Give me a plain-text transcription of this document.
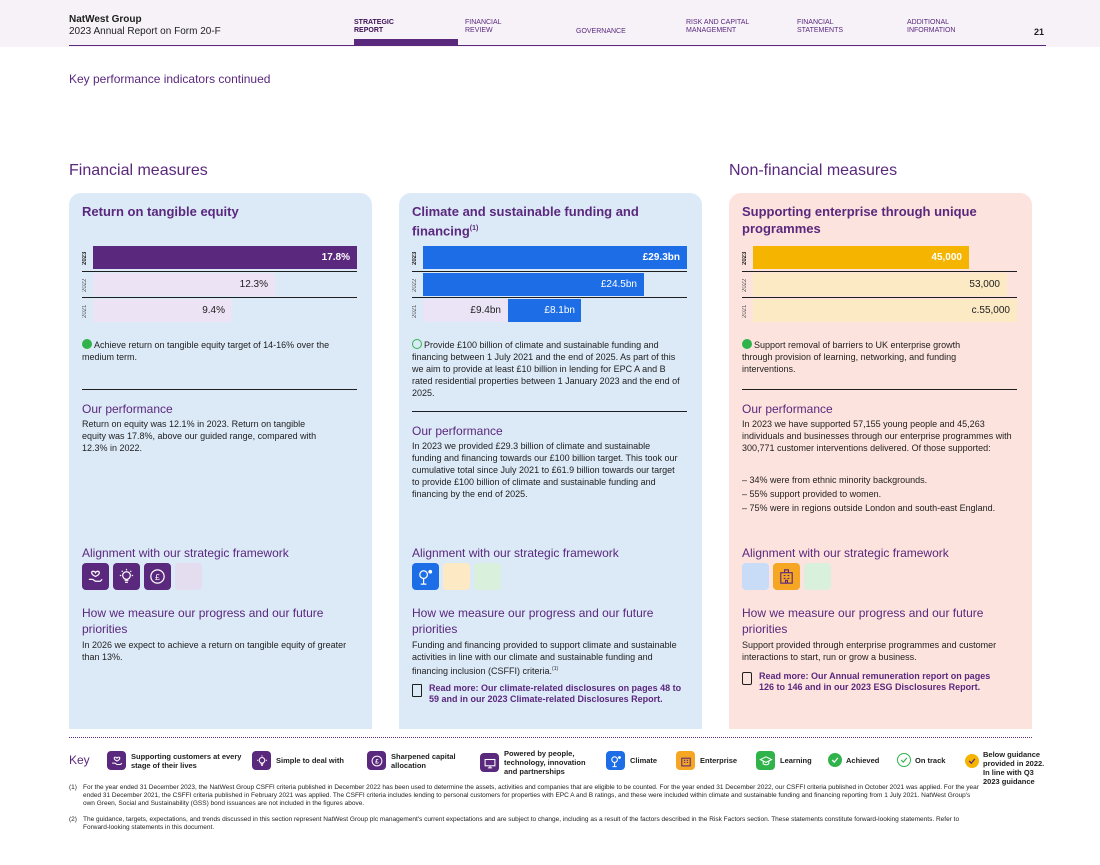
NatWest Group
2023 Annual Report on Form 20-F
STRATEGIC
REPORT
FINANCIAL
REVIEW	GOVERNANCE
RISK AND CAPITAL
MANAGEMENT
FINANCIAL
STATEMENTS
ADDITIONAL
INFORMATION	21
Key performance indicators continued
Financial measures	Non-financial measures
Return on tangible equity
2023	17.8%
2022	12.3%
2021	9.4%
Achieve return on tangible equity target of 14-16% over the medium term.
Our performance
Return on equity was 12.1% in 2023. Return on tangible equity was 17.8%, above our guided range, compared with 12.3% in 2022.
Alignment with our strategic framework
£
How we measure our progress and our future priorities
In 2026 we expect to achieve a return on tangible equity of greater than 13%.
Climate and sustainable funding and financing$^{(1)}$
2023	£29.3bn
2022	£24.5bn
2021	£9.4bn	£8.1bn
Provide £100 billion of climate and sustainable funding and financing between 1 July 2021 and the end of 2025. As part of this we aim to provide at least £10 billion in lending for EPC A and B rated residential properties between 1 January 2023 and the end of 2025.
Our performance
In 2023 we provided £29.3 billion of climate and sustainable funding and financing towards our £100 billion target. This took our cumulative total since July 2021 to £61.9 billion towards our target to provide £100 billion of climate and sustainable funding and financing by the end of 2025.
Alignment with our strategic framework
How we measure our progress and our future priorities
Funding and financing provided to support climate and sustainable activities in line with our climate and sustainable funding and financing inclusion (CSFFI) criteria.$^{(1)}$
Read more: Our climate-related disclosures on pages 48 to 59 and in our 2023 Climate-related Disclosures Report.
Supporting enterprise through unique programmes
2023	45,000
2022	53,000
2021	c.55,000
Support removal of barriers to UK enterprise growth through provision of learning, networking, and funding interventions.
Our performance
In 2023 we have supported 57,155 young people and 45,263 individuals and businesses through our enterprise programmes with 300,771 customer interventions delivered. Of those supported:
– 34% were from ethnic minority backgrounds.
– 55% support provided to women.
– 75% were in regions outside London and south-east England.
Alignment with our strategic framework
How we measure our progress and our future priorities
Support provided through enterprise programmes and customer interactions to start, run or grow a business.
Read more: Our Annual remuneration report on pages 126 to 146 and in our 2023 ESG Disclosures Report.
Key	Supporting customers at every stage of their lives	Simple to deal with	£
Sharpened capital allocation
Powered by people, technology, innovation and partnerships
Climate	Enterprise	Learning	Achieved	On track
Below guidance provided in 2022. In line with Q3 2023 guidance
(1) For the year ended 31 December 2023, the NatWest Group CSFFI criteria published in December 2022 has been used to determine the assets, activities and companies that are eligible to be counted. For the year ended 31 December 2022, our CSFFI criteria published in October 2021 was applied. For the year ended 31 December 2021, the CSFFI criteria published in February 2021 was applied. The CSFFI criteria includes lending to personal customers for properties with EPC A and B ratings, and these were included within climate and sustainable funding and financing reporting from 1 July 2021. NatWest Group's own Green, Social and Sustainability (GSS) bond issuances are not included in the figures above.
(2) The guidance, targets, expectations, and trends discussed in this section represent NatWest Group plc management's current expectations and are subject to change, including as a result of the factors described in the Risk Factors section. These statements constitute forward-looking statements. Refer to Forward-looking statements in this document.
